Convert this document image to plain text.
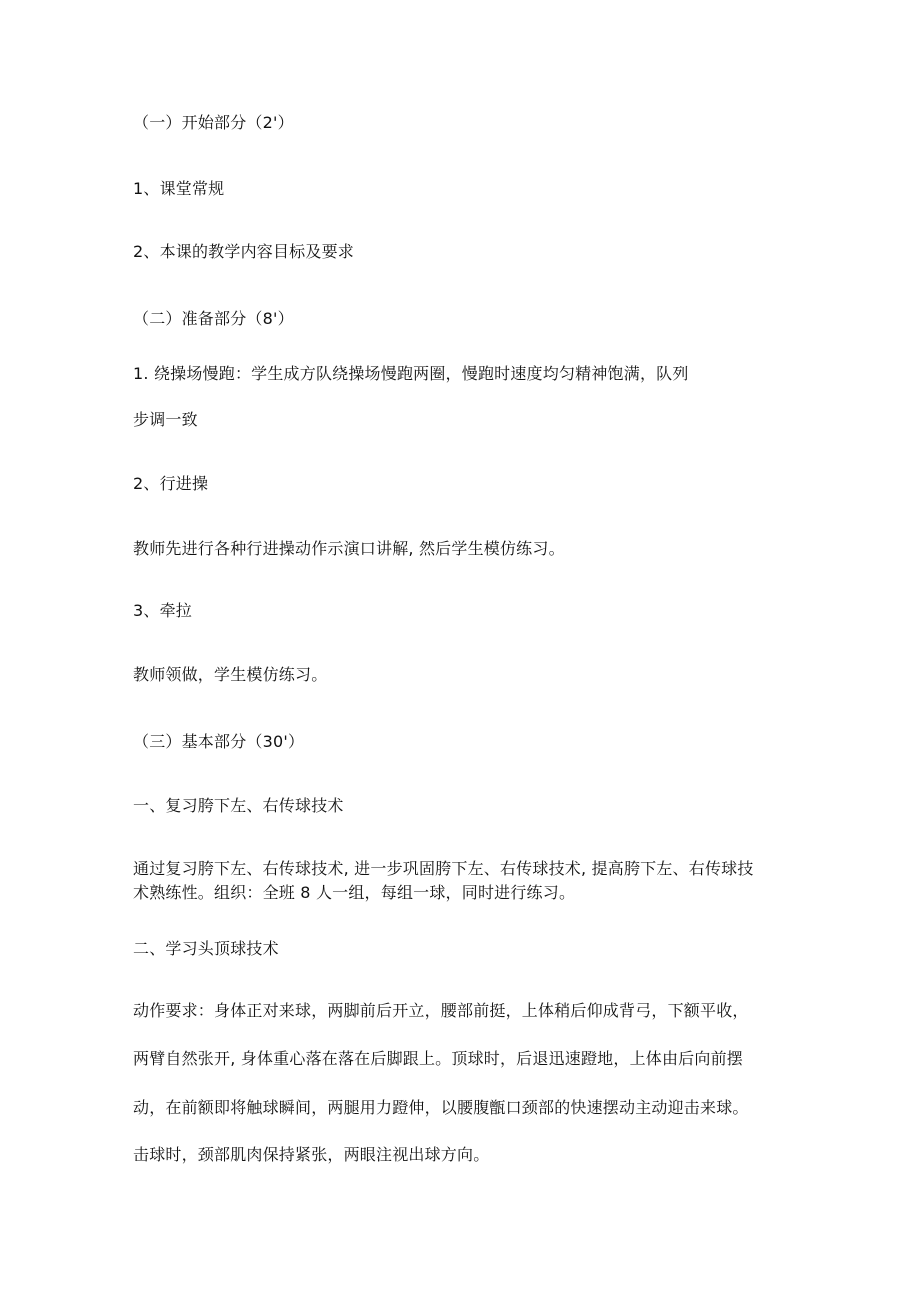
（一）开始部分（2'）
1、课堂常规
2、本课的教学内容目标及要求
（二）准备部分（8'）
1. 绕操场慢跑：学生成方队绕操场慢跑两圈，慢跑时速度均匀精神饱满，队列
步调一致
2、行进操
教师先进行各种行进操动作示演口讲解, 然后学生模仿练习。
3、牵拉
教师领做，学生模仿练习。
（三）基本部分（30'）
一、复习胯下左、右传球技术
通过复习胯下左、右传球技术, 进一步巩固胯下左、右传球技术, 提高胯下左、右传球技
术熟练性。组织：全班 8 人一组，每组一球，同时进行练习。
二、学习头顶球技术
动作要求：身体正对来球，两脚前后开立，腰部前挺，上体稍后仰成背弓，下额平收，
两臂自然张开, 身体重心落在落在后脚跟上。顶球时，后退迅速蹬地，上体由后向前摆
动，在前额即将触球瞬间，两腿用力蹬伸，以腰腹甑口颈部的快速摆动主动迎击来球。
击球时，颈部肌肉保持紧张，两眼注视出球方向。
